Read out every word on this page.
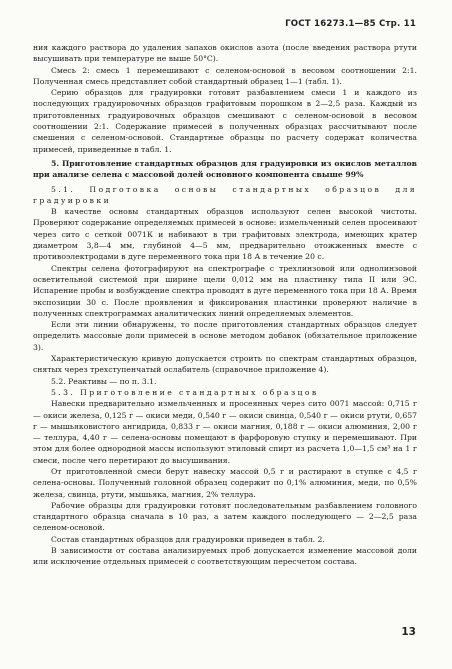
ГОСТ 16273.1—85 Стр. 11

ния каждого раствора до удаления запахов окислов азота (после введения раствора ртути высушивать при температуре не выше 50°С).

Смесь 2: смесь 1 перемешивают с селеном-основой в весовом соотношении 2:1. Полученная смесь представляет собой стандартный образец 1—1 (табл. 1).

Серию образцов для градуировки готовят разбавлением смеси 1 и каждого из последующих градуировочных образцов графитовым порошком в 2—2,5 раза. Каждый из приготовленных градуировочных образцов смешивают с селеном-основой в весовом соотношении 2:1. Содержание примесей в полученных образцах рассчитывают после смешения с селеном-основой. Стандартные образцы по расчету содержат количества примесей, приведенные в табл. 1.

5. Приготовление стандартных образцов для градуировки из окислов металлов при анализе селена с массовой долей основного компонента свыше 99%

5.1. Подготовка основы стандартных образцов для градуировки

В качестве основы стандартных образцов используют селен высокой чистоты. Проверяют содержание определяемых примесей в основе: измельченный селен просеивают через сито с сеткой 0071К и набивают в три графитовых электрода, имеющих кратер диаметром 3,8—4 мм, глубиной 4—5 мм, предварительно отожженных вместе с противоэлектродами в дуге переменного тока при 18 А в течение 20 с.

Спектры селена фотографируют на спектрографе с трехлинзовой или однолинзовой осветительной системой при ширине щели 0,012 мм на пластинку типа II или ЭС. Испарение пробы и возбуждение спектра проводят в дуге переменного тока при 18 А. Время экспозиции 30 с. После проявления и фиксирования пластинки проверяют наличие в полученных спектрограммах аналитических линий определяемых элементов.

Если эти линии обнаружены, то после приготовления стандартных образцов следует определить массовые доли примесей в основе методом добавок (обязательное приложение 3).

Характеристическую кривую допускается строить по спектрам стандартных образцов, снятых через трехступенчатый ослабитель (справочное приложение 4).

5.2. Реактивы — по п. 3.1.

5.3. Приготовление стандартных образцов

Навески предварительно измельченных и просеянных через сито 0071 массой: 0,715 г — окиси железа, 0,125 г — окиси меди, 0,540 г — окиси свинца, 0,540 г — окиси ртути, 0,657 г — мышьяковистого ангидрида, 0,833 г — окиси магния, 0,188 г — окиси алюминия, 2,00 г — теллура, 4,40 г — селена-основы помещают в фарфоровую ступку и перемешивают. При этом для более однородной массы используют этиловый спирт из расчета 1,0—1,5 см³ на 1 г смеси, после чего перетирают до высушивания.

От приготовленной смеси берут навеску массой 0,5 г и растирают в ступке с 4,5 г селена-основы. Полученный головной образец содержит по 0,1% алюминия, меди, по 0,5% железа, свинца, ртути, мышьяка, магния, 2% теллура.

Рабочие образцы для градуировки готовят последовательным разбавлением головного стандартного образца сначала в 10 раз, а затем каждого последующего — 2—2,5 раза селеном-основой.

Состав стандартных образцов для градуировки приведен в табл. 2.

В зависимости от состава анализируемых проб допускается изменение массовой доли или исключение отдельных примесей с соответствующим пересчетом состава.

13
